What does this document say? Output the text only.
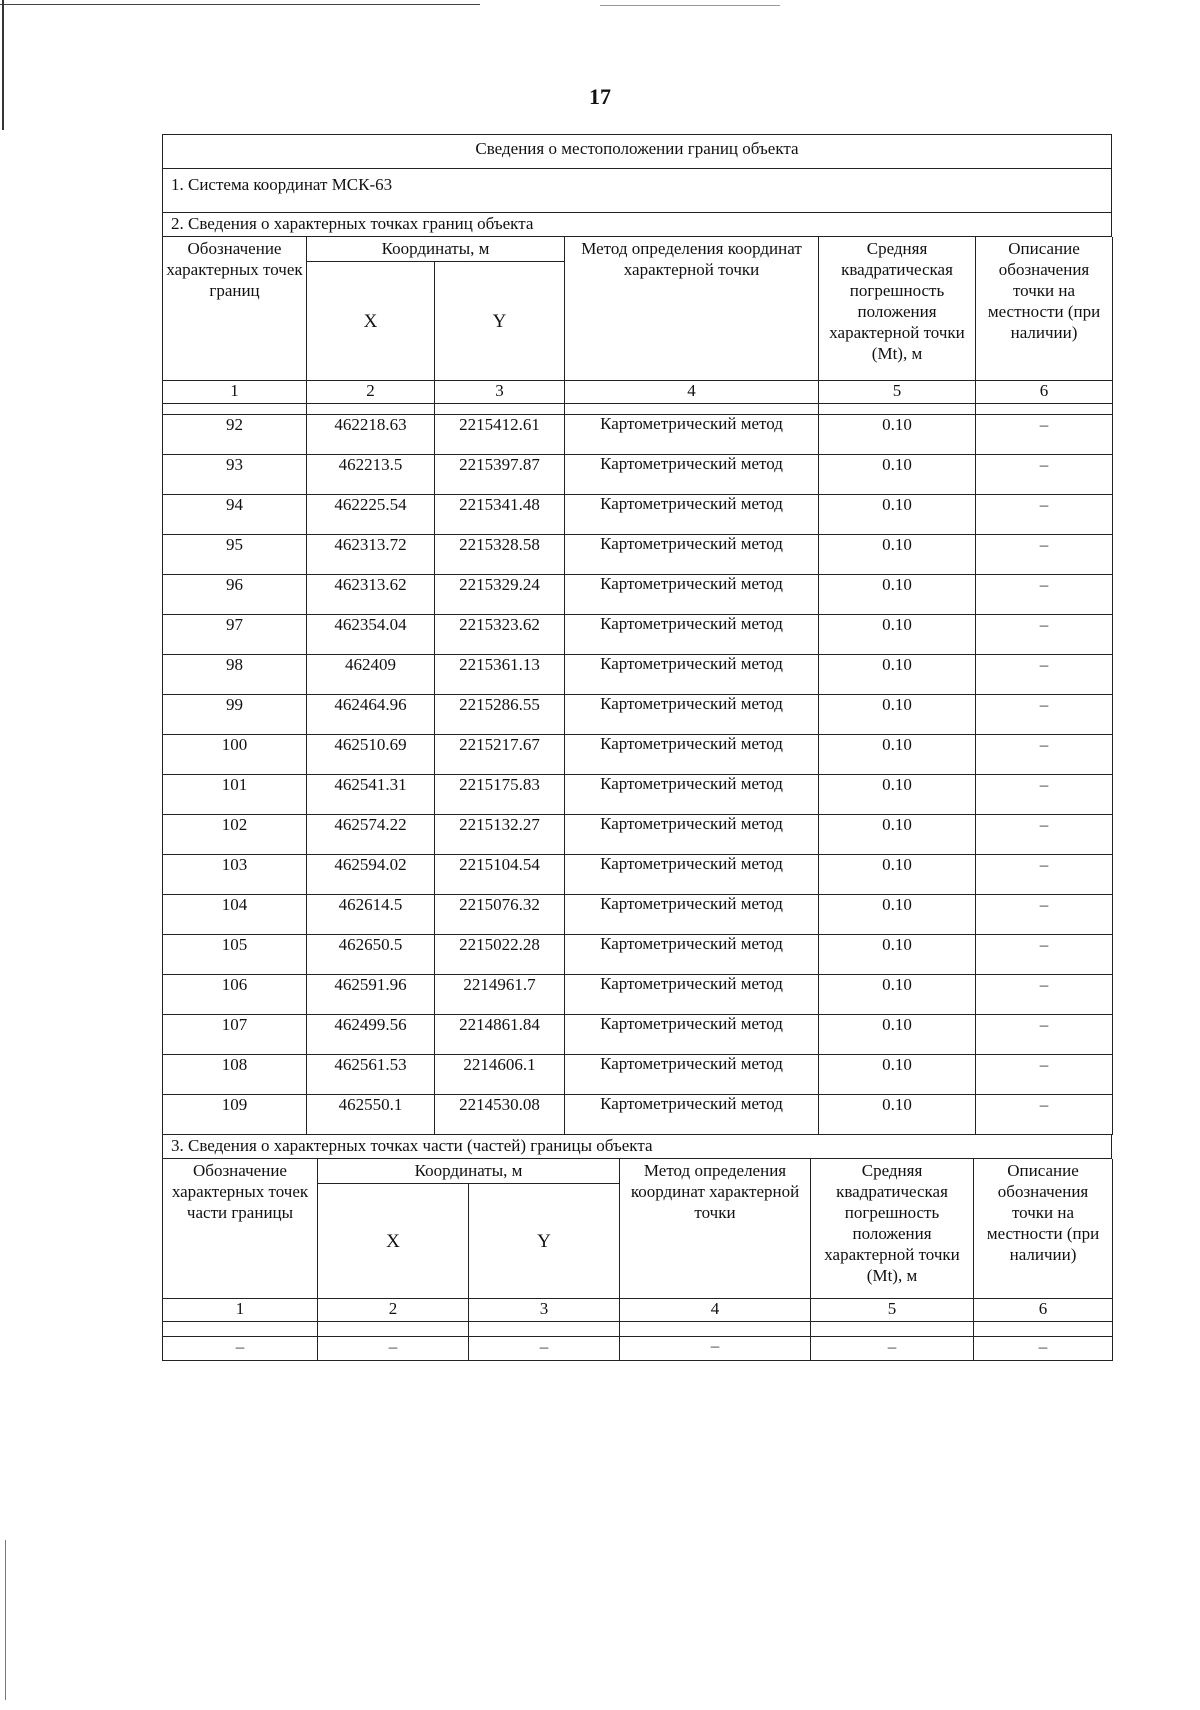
17
Сведения о местоположении границ объекта
1. Система координат МСК-63
2. Сведения о характерных точках границ объекта
Обозначение характерных точек границ	Координаты, м		Метод определения координат характерной точки	Средняя квадратическая погрешность положения характерной точки (Mt), м	Описание обозначения точки на местности (при наличии)
	X	Y			
1	2	3	4	5	6

92	462218.63	2215412.61	Картометрический метод	0.10	–
93	462213.5	2215397.87	Картометрический метод	0.10	–
94	462225.54	2215341.48	Картометрический метод	0.10	–
95	462313.72	2215328.58	Картометрический метод	0.10	–
96	462313.62	2215329.24	Картометрический метод	0.10	–
97	462354.04	2215323.62	Картометрический метод	0.10	–
98	462409	2215361.13	Картометрический метод	0.10	–
99	462464.96	2215286.55	Картометрический метод	0.10	–
100	462510.69	2215217.67	Картометрический метод	0.10	–
101	462541.31	2215175.83	Картометрический метод	0.10	–
102	462574.22	2215132.27	Картометрический метод	0.10	–
103	462594.02	2215104.54	Картометрический метод	0.10	–
104	462614.5	2215076.32	Картометрический метод	0.10	–
105	462650.5	2215022.28	Картометрический метод	0.10	–
106	462591.96	2214961.7	Картометрический метод	0.10	–
107	462499.56	2214861.84	Картометрический метод	0.10	–
108	462561.53	2214606.1	Картометрический метод	0.10	–
109	462550.1	2214530.08	Картометрический метод	0.10	–
3. Сведения о характерных точках части (частей) границы объекта
Обозначение характерных точек части границы	Координаты, м		Метод определения координат характерной точки	Средняя квадратическая погрешность положения характерной точки (Mt), м	Описание обозначения точки на местности (при наличии)
	X	Y			
1	2	3	4	5	6

–	–	–	–	–	–
